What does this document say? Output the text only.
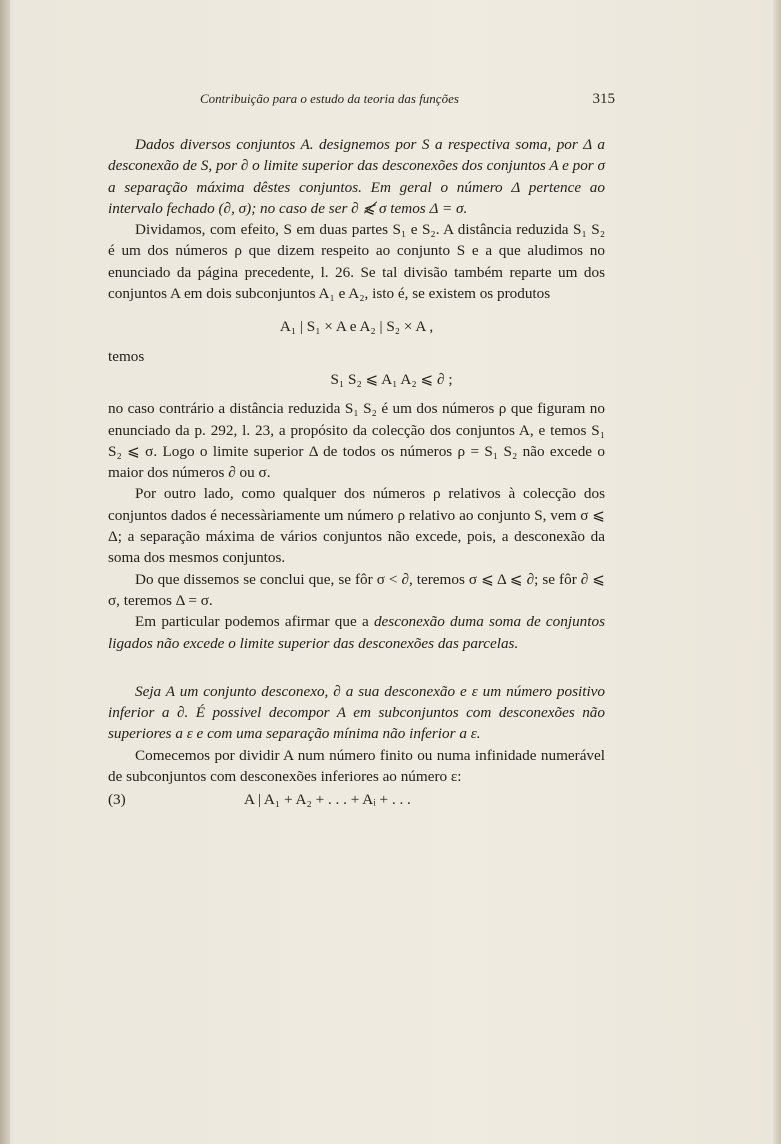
Contribuição para o estudo da teoria das funções	315

Dados diversos conjuntos A. designemos por S a respectiva soma, por Δ a desconexão de S, por ∂ o limite superior das desconexões dos conjuntos A e por σ a separação máxima dêstes conjuntos. Em geral o número Δ pertence ao intervalo fechado (∂, σ); no caso de ser ∂ ⩽̸ σ temos Δ = σ.

Dividamos, com efeito, S em duas partes S₁ e S₂. A distância reduzida S₁ S₂ é um dos números ρ que dizem respeito ao conjunto S e a que aludimos no enunciado da página precedente, l. 26. Se tal divisão também reparte um dos conjuntos A em dois subconjuntos A₁ e A₂, isto é, se existem os produtos

A₁ | S₁ × A e A₂ | S₂ × A ,

temos

S₁ S₂ ⩽ A₁ A₂ ⩽ ∂ ;

no caso contrário a distância reduzida S₁ S₂ é um dos números ρ que figuram no enunciado da p. 292, l. 23, a propósito da colecção dos conjuntos A, e temos S₁ S₂ ⩽ σ. Logo o limite superior Δ de todos os números ρ = S₁ S₂ não excede o maior dos números ∂ ou σ.

Por outro lado, como qualquer dos números ρ relativos à colecção dos conjuntos dados é necessàriamente um número ρ relativo ao conjunto S, vem σ ⩽ Δ; a separação máxima de vários conjuntos não excede, pois, a desconexão da soma dos mesmos conjuntos.

Do que dissemos se conclui que, se fôr σ < ∂, teremos σ ⩽ Δ ⩽ ∂; se fôr ∂ ⩽ σ, teremos Δ = σ.

Em particular podemos afirmar que a desconexão duma soma de conjuntos ligados não excede o limite superior das desconexões das parcelas.

Seja A um conjunto desconexo, ∂ a sua desconexão e ε um número positivo inferior a ∂. É possivel decompor A em subconjuntos com desconexões não superiores a ε e com uma separação mínima não inferior a ε.

Comecemos por dividir A num número finito ou numa infinidade numerável de subconjuntos com desconexões inferiores ao número ε:

(3)	A | A₁ + A₂ + . . . + Aᵢ + . . .
